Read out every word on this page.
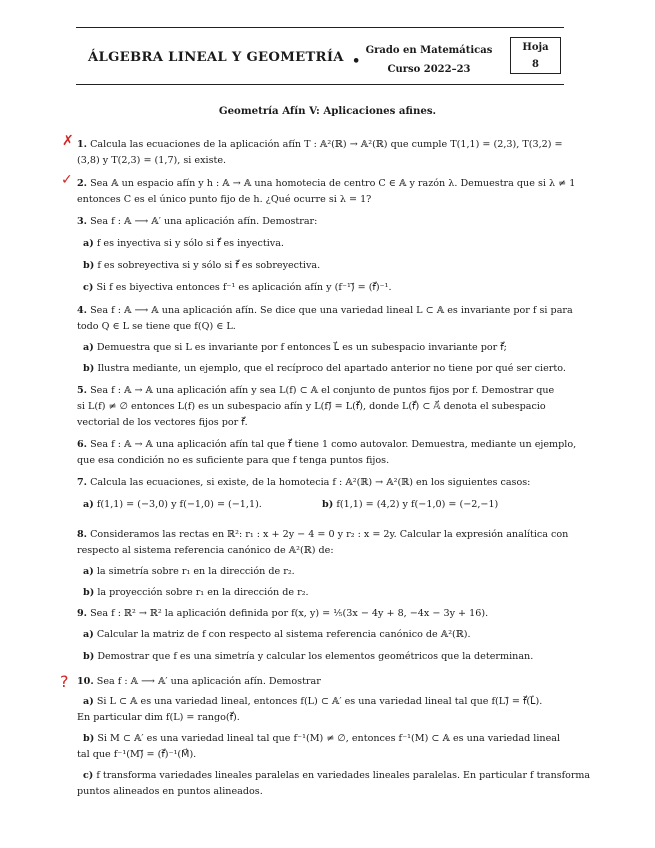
ÁLGEBRA LINEAL Y GEOMETRÍA •
Grado en Matemáticas
Curso 2022–23
Hoja
8
Geometría Afín V: Aplicaciones afines.
✗
✓
?
1. Calcula las ecuaciones de la aplicación afín T : 𝔸²(ℝ) → 𝔸²(ℝ) que cumple T(1,1) = (2,3), T(3,2) =
(3,8) y T(2,3) = (1,7), si existe.
2. Sea 𝔸 un espacio afín y h : 𝔸 → 𝔸 una homotecia de centro C ∈ 𝔸 y razón λ. Demuestra que si λ ≠ 1
entonces C es el único punto fijo de h. ¿Qué ocurre si λ = 1?
3. Sea f : 𝔸 ⟶ 𝔸′ una aplicación afín. Demostrar:
a) f es inyectiva si y sólo si f⃗ es inyectiva.
b) f es sobreyectiva si y sólo si f⃗ es sobreyectiva.
c) Si f es biyectiva entonces f⁻¹ es aplicación afín y (f⁻¹)⃗ = (f⃗)⁻¹.
4. Sea f : 𝔸 ⟶ 𝔸 una aplicación afín. Se dice que una variedad lineal L ⊂ 𝔸 es invariante por f si para
todo Q ∈ L se tiene que f(Q) ∈ L.
a) Demuestra que si L es invariante por f entonces L⃗ es un subespacio invariante por f⃗;
b) Ilustra mediante, un ejemplo, que el recíproco del apartado anterior no tiene por qué ser cierto.
5. Sea f : 𝔸 → 𝔸 una aplicación afín y sea L(f) ⊂ 𝔸 el conjunto de puntos fijos por f. Demostrar que
si L(f) ≠ ∅ entonces L(f) es un subespacio afín y L(f)⃗ = L(f⃗), donde L(f⃗) ⊂ 𝔸⃗ denota el subespacio
vectorial de los vectores fijos por f⃗.
6. Sea f : 𝔸 → 𝔸 una aplicación afín tal que f⃗ tiene 1 como autovalor. Demuestra, mediante un ejemplo,
que esa condición no es suficiente para que f tenga puntos fijos.
7. Calcula las ecuaciones, si existe, de la homotecia f : 𝔸²(ℝ) → 𝔸²(ℝ) en los siguientes casos:
a) f(1,1) = (−3,0) y f(−1,0) = (−1,1).	b) f(1,1) = (4,2) y f(−1,0) = (−2,−1)
8. Consideramos las rectas en ℝ²: r₁ : x + 2y − 4 = 0 y r₂ : x = 2y. Calcular la expresión analítica con
respecto al sistema referencia canónico de 𝔸²(ℝ) de:
a) la simetría sobre r₁ en la dirección de r₂.
b) la proyección sobre r₁ en la dirección de r₂.
9. Sea f : ℝ² → ℝ² la aplicación definida por f(x, y) = ⅕(3x − 4y + 8, −4x − 3y + 16).
a) Calcular la matriz de f con respecto al sistema referencia canónico de 𝔸²(ℝ).
b) Demostrar que f es una simetría y calcular los elementos geométricos que la determinan.
10. Sea f : 𝔸 ⟶ 𝔸′ una aplicación afín. Demostrar
a) Si L ⊂ 𝔸 es una variedad lineal, entonces f(L) ⊂ 𝔸′ es una variedad lineal tal que f(L)⃗ = f⃗(L⃗).
En particular dim f(L) = rango(f⃗).
b) Si M ⊂ 𝔸′ es una variedad lineal tal que f⁻¹(M) ≠ ∅, entonces f⁻¹(M) ⊂ 𝔸 es una variedad lineal
tal que f⁻¹(M)⃗ = (f⃗)⁻¹(M⃗).
c) f transforma variedades lineales paralelas en variedades lineales paralelas. En particular f transforma
puntos alineados en puntos alineados.
